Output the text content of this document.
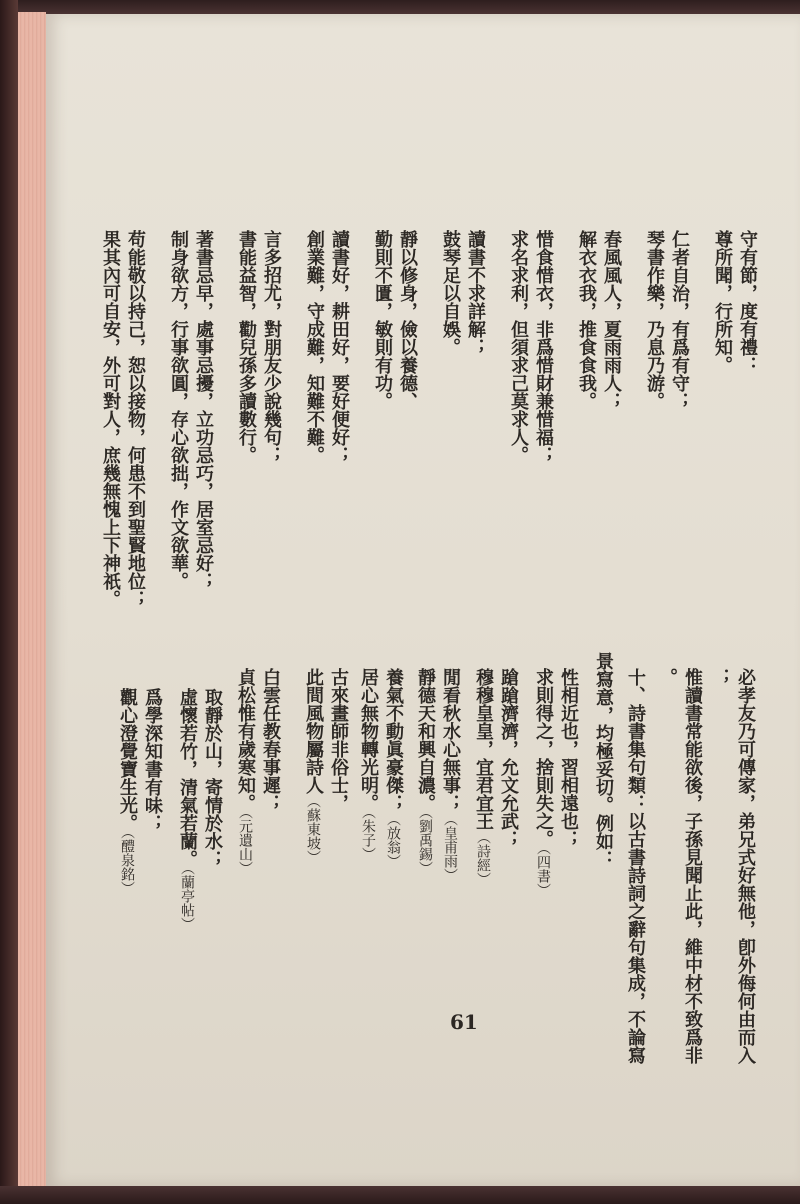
守有節，度有禮：
尊所聞，行所知。
仁者自治，有爲有守；
琴書作樂，乃息乃游。
春風風人，夏雨雨人；
解衣衣我，推食食我。
惜食惜衣，非爲惜財兼惜福；
求名求利，但須求己莫求人。
讀書不求詳解；
鼓琴足以自娛。
靜以修身，儉以養德、
勤則不匱，敏則有功。
讀書好，耕田好，要好便好；
創業難，守成難，知難不難。
言多招尤，對朋友少說幾句；
書能益智，勸兒孫多讀數行。
著書忌早，處事忌擾，立功忌巧，居室忌好；
制身欲方，行事欲圓，存心欲拙，作文欲華。
苟能敬以持己，恕以接物，何患不到聖賢地位；
果其內可自安，外可對人，庶幾無愧上下神祇。
必孝友乃可傳家，弟兄式好無他，卽外侮何由而入
；
惟讀書常能欲後，子孫見聞止此，維中材不致爲非
。
十、詩書集句類：以古書詩詞之辭句集成，不論寫
景寫意，均極妥切。例如：
性相近也，習相遠也；
求則得之，捨則失之。（四書）
蹌蹌濟濟，允文允武；
穆穆皇皇，宜君宜王（詩經）
閒看秋水心無事；（皇甫雨）
靜德天和興自濃。（劉禹錫）
養氣不動眞豪傑；（放翁）
居心無物轉光明。（朱子）
古來畫師非俗士，
此間風物屬詩人（蘇東坡）
白雲任教春事遲；
貞松惟有歲寒知。（元遺山）
取靜於山，寄情於水；
虛懷若竹，清氣若蘭。（蘭亭帖）
爲學深知書有味；
觀心澄覺寶生光。（醴泉銘）
61
